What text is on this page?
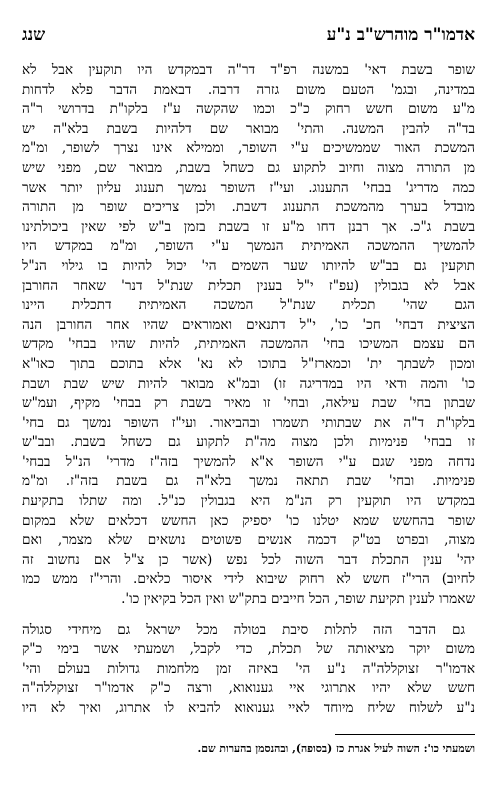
אדמו"ר מוהרש"ב נ"ע
שנג
שופר בשבת דאי' במשנה רפ"ד דר"ה דבמקדש היו תוקעין אבל לא
במדינה, ובגמ' הטעם משום גזרה דרבה. דבאמת הדבר פלא לדחות
מ"ע משום חשש רחוק כ"כ וכמו שהקשה ע"ז בלקו"ת בדרושי ר"ה
בד"ה להבין המשנה. והתי' מבואר שם דלהיות בשבת בלא"ה יש
המשכת האור שממשיכים ע"י השופר, וממילא אינו נצרך לשופר, ומ"מ
מן התורה מצוה וחיוב לתקוע גם כשחל בשבת, מבואר שם, מפני שיש
כמה מדריג' בבחי' התענוג. ועי"ז השופר נמשך תענוג עליון יותר אשר
מובדל בערך מהמשכת התענוג דשבת. ולכן צריכים שופר מן התורה
בשבת ג"כ. אך רבנן דחו מ"ע זו בשבת בזמן ב"ש לפי שאין ביכולתינו
להמשיך ההמשכה האמיתית הנמשך ע"י השופר, ומ"מ במקדש היו
תוקעין גם בב"ש להיותו שער השמים הי' יכול להיות בו גילוי הנ"ל
אבל לא בגבולין (עפ"ז י"ל בענין תכלית שנת"ל דנר' שאחר החורבן
הגם שהי' תכלית שנת"ל המשכה האמיתית דתכלית היינו
הציצית דבחי' חכ' כו', י"ל דתנאים ואמוראים שהיו אחר החורבן הנה
הם עצמם המשיכו בחי' ההמשכה האמיתית, להיות שהיו בבחי' מקדש
ומכון לשבתך ית' וכמארז"ל בתוכו לא נא' אלא בתוכם בתוך כאו"א
כו' והמה ודאי היו במדריגה זו) ובמ"א מבואר להיות שיש שבת ושבת
שבתון בחי' שבת עילאה, ובחי' זו מאיר בשבת רק בבחי' מקיף, ועמ"ש
בלקו"ת ד"ה את שבתותי תשמרו ובהביאור. ועי"ז השופר נמשך גם בחי'
זו בבחי' פנימיות ולכן מצוה מה"ת לתקוע גם כשחל בשבת. ובב"ש
נדחה מפני שגם ע"י השופר א"א להמשיך בזה"ז מדרי' הנ"ל בבחי'
פנימיות. ובחי' שבת תתאה נמשך בלא"ה גם בשבת בזה"ז. ומ"מ
במקדש היו תוקעין רק הנ"מ היא בגבולין כנ"ל. ומה שתלו בתקיעת
שופר בהחשש שמא יטלנו כו' יספיק כאן החשש דכלאים שלא במקום
מצוה, ובפרט בט"ק דכמה אנשים פשוטים נושאים שלא מצמר, ואם
יהי' ענין התכלת דבר השוה לכל נפש (אשר כן צ"ל אם נחשוב זה
לחיוב) הרי"ז חשש לא רחוק שיבוא לידי איסור כלאים. והרי"ז ממש כמו
שאמרו לענין תקיעת שופר, הכל חייבים בתק"ש ואין הכל בקיאין כו'.
גם הדבר הזה לתלות סיבת בטולה מכל ישראל גם מיחידי סגולה
משום יוקר מציאותה של תכלת, כדי לקבל, ושמעתי אשר בימי כ"ק
אדמו"ר זצוקללה"ה נ"ע הי' באיזה זמן מלחמות גדולות בעולם והי'
חשש שלא יהיו אתרוגי איי גענואוא, ורצה כ"ק אדמו"ר זצוקללה"ה
נ"ע לשלוח שליח מיוחד לאיי גענואוא להביא לו אתרוג, ואיך לא היו
ושמעתי כו': השוה לעיל אגרת כז (בסופה), ובהנסמן בהערות שם.
